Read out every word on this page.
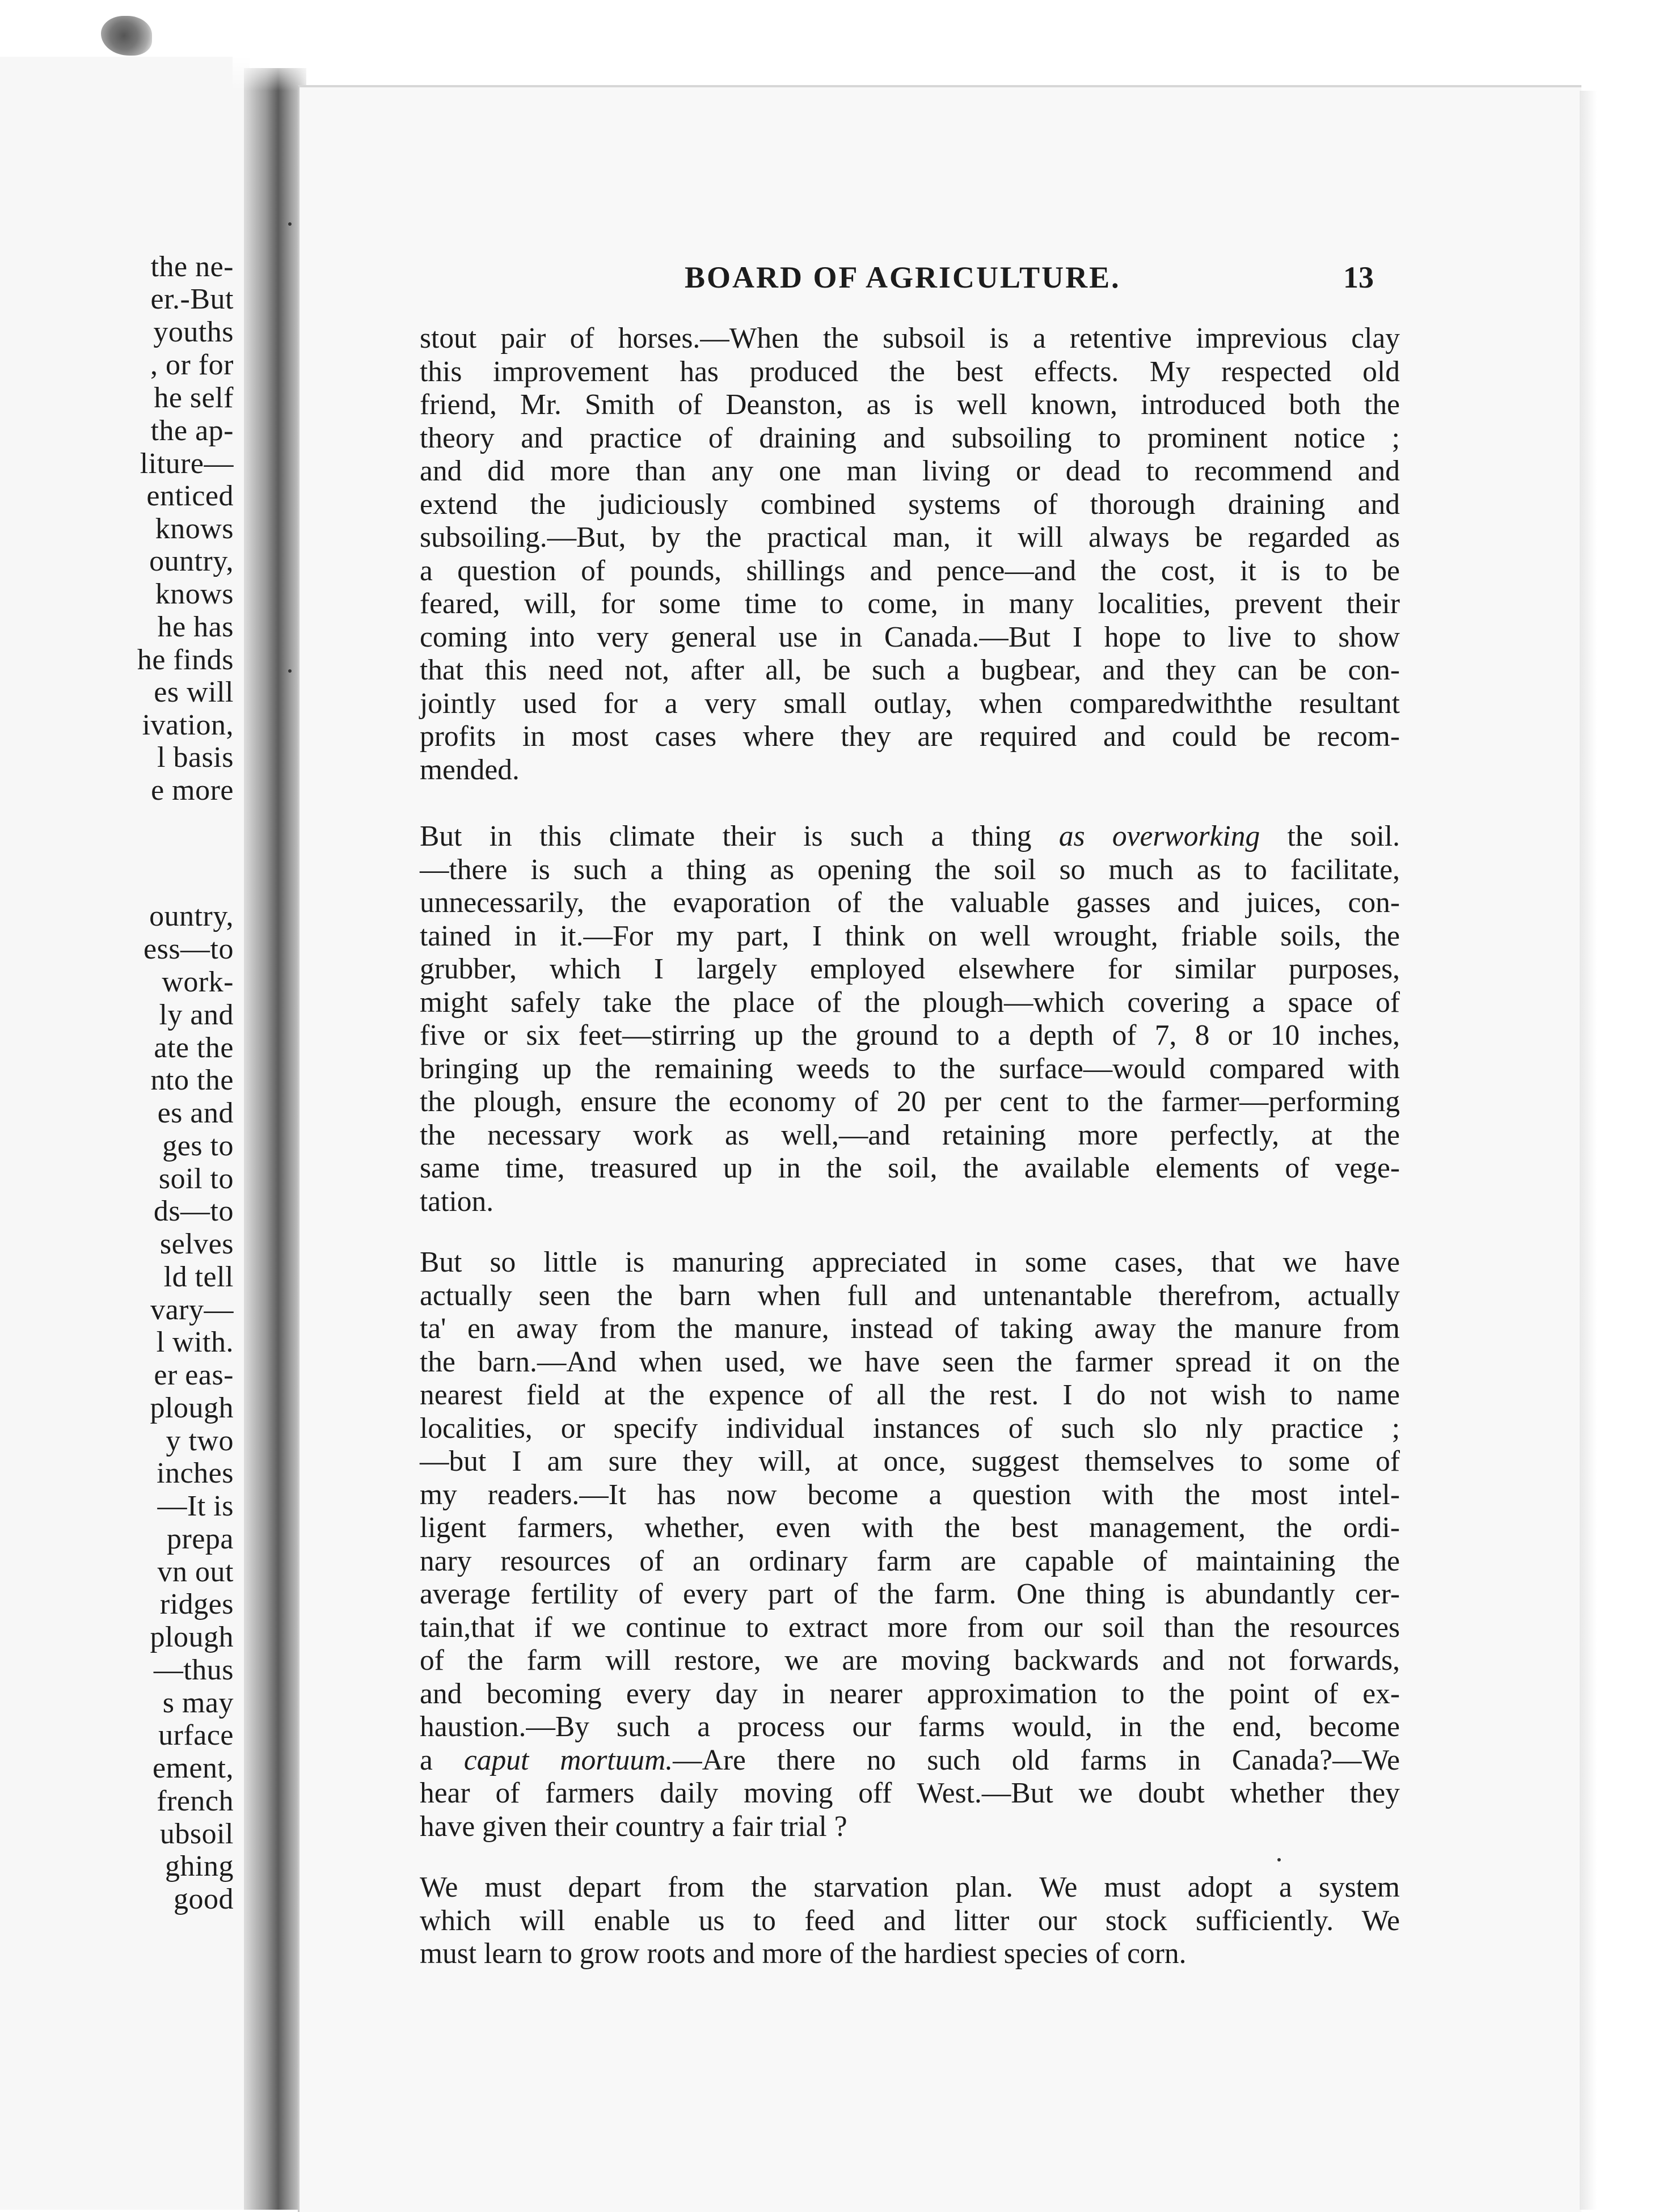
the ne-
er.-But
youths
, or for
he self
the ap-
liture—
enticed
knows
ountry,
knows
he has
he finds
es will
ivation,
l basis
e more
ountry,
ess—to
work-
ly and
ate the
nto the
es and
ges to
soil to
ds—to
selves
ld tell
vary—
l with.
er eas-
plough
y two
inches
—It is
prepa
vn out
ridges
plough
—thus
s may
urface
ement,
french
ubsoil
ghing
good
BOARD OF AGRICULTURE.	13
stout pair of horses.—When the subsoil is a retentive imprevious clay
this improvement has produced the best effects. My respected old
friend, Mr. Smith of Deanston, as is well known, introduced both the
theory and practice of draining and subsoiling to prominent notice ;
and did more than any one man living or dead to recommend and
extend the judiciously combined systems of thorough draining and
subsoiling.—But, by the practical man, it will always be regarded as
a question of pounds, shillings and pence—and the cost, it is to be
feared, will, for some time to come, in many localities, prevent their
coming into very general use in Canada.—But I hope to live to show
that this need not, after all, be such a bugbear, and they can be con-
jointly used for a very small outlay, when comparedwiththe resultant
profits in most cases where they are required and could be recom-
mended.
But in this climate their is such a thing as overworking the soil.
—there is such a thing as opening the soil so much as to facilitate,
unnecessarily, the evaporation of the valuable gasses and juices, con-
tained in it.—For my part, I think on well wrought, friable soils, the
grubber, which I largely employed elsewhere for similar purposes,
might safely take the place of the plough—which covering a space of
five or six feet—stirring up the ground to a depth of 7, 8 or 10 inches,
bringing up the remaining weeds to the surface—would compared with
the plough, ensure the economy of 20 per cent to the farmer—performing
the necessary work as well,—and retaining more perfectly, at the
same time, treasured up in the soil, the available elements of vege-
tation.
But so little is manuring appreciated in some cases, that we have
actually seen the barn when full and untenantable therefrom, actually
ta' en away from the manure, instead of taking away the manure from
the barn.—And when used, we have seen the farmer spread it on the
nearest field at the expence of all the rest. I do not wish to name
localities, or specify individual instances of such slo nly practice ;
—but I am sure they will, at once, suggest themselves to some of
my readers.—It has now become a question with the most intel-
ligent farmers, whether, even with the best management, the ordi-
nary resources of an ordinary farm are capable of maintaining the
average fertility of every part of the farm. One thing is abundantly cer-
tain,that if we continue to extract more from our soil than the resources
of the farm will restore, we are moving backwards and not forwards,
and becoming every day in nearer approximation to the point of ex-
haustion.—By such a process our farms would, in the end, become
a caput mortuum.—Are there no such old farms in Canada?—We
hear of farmers daily moving off West.—But we doubt whether they
have given their country a fair trial ?
We must depart from the starvation plan. We must adopt a system
which will enable us to feed and litter our stock sufficiently. We
must learn to grow roots and more of the hardiest species of corn.
